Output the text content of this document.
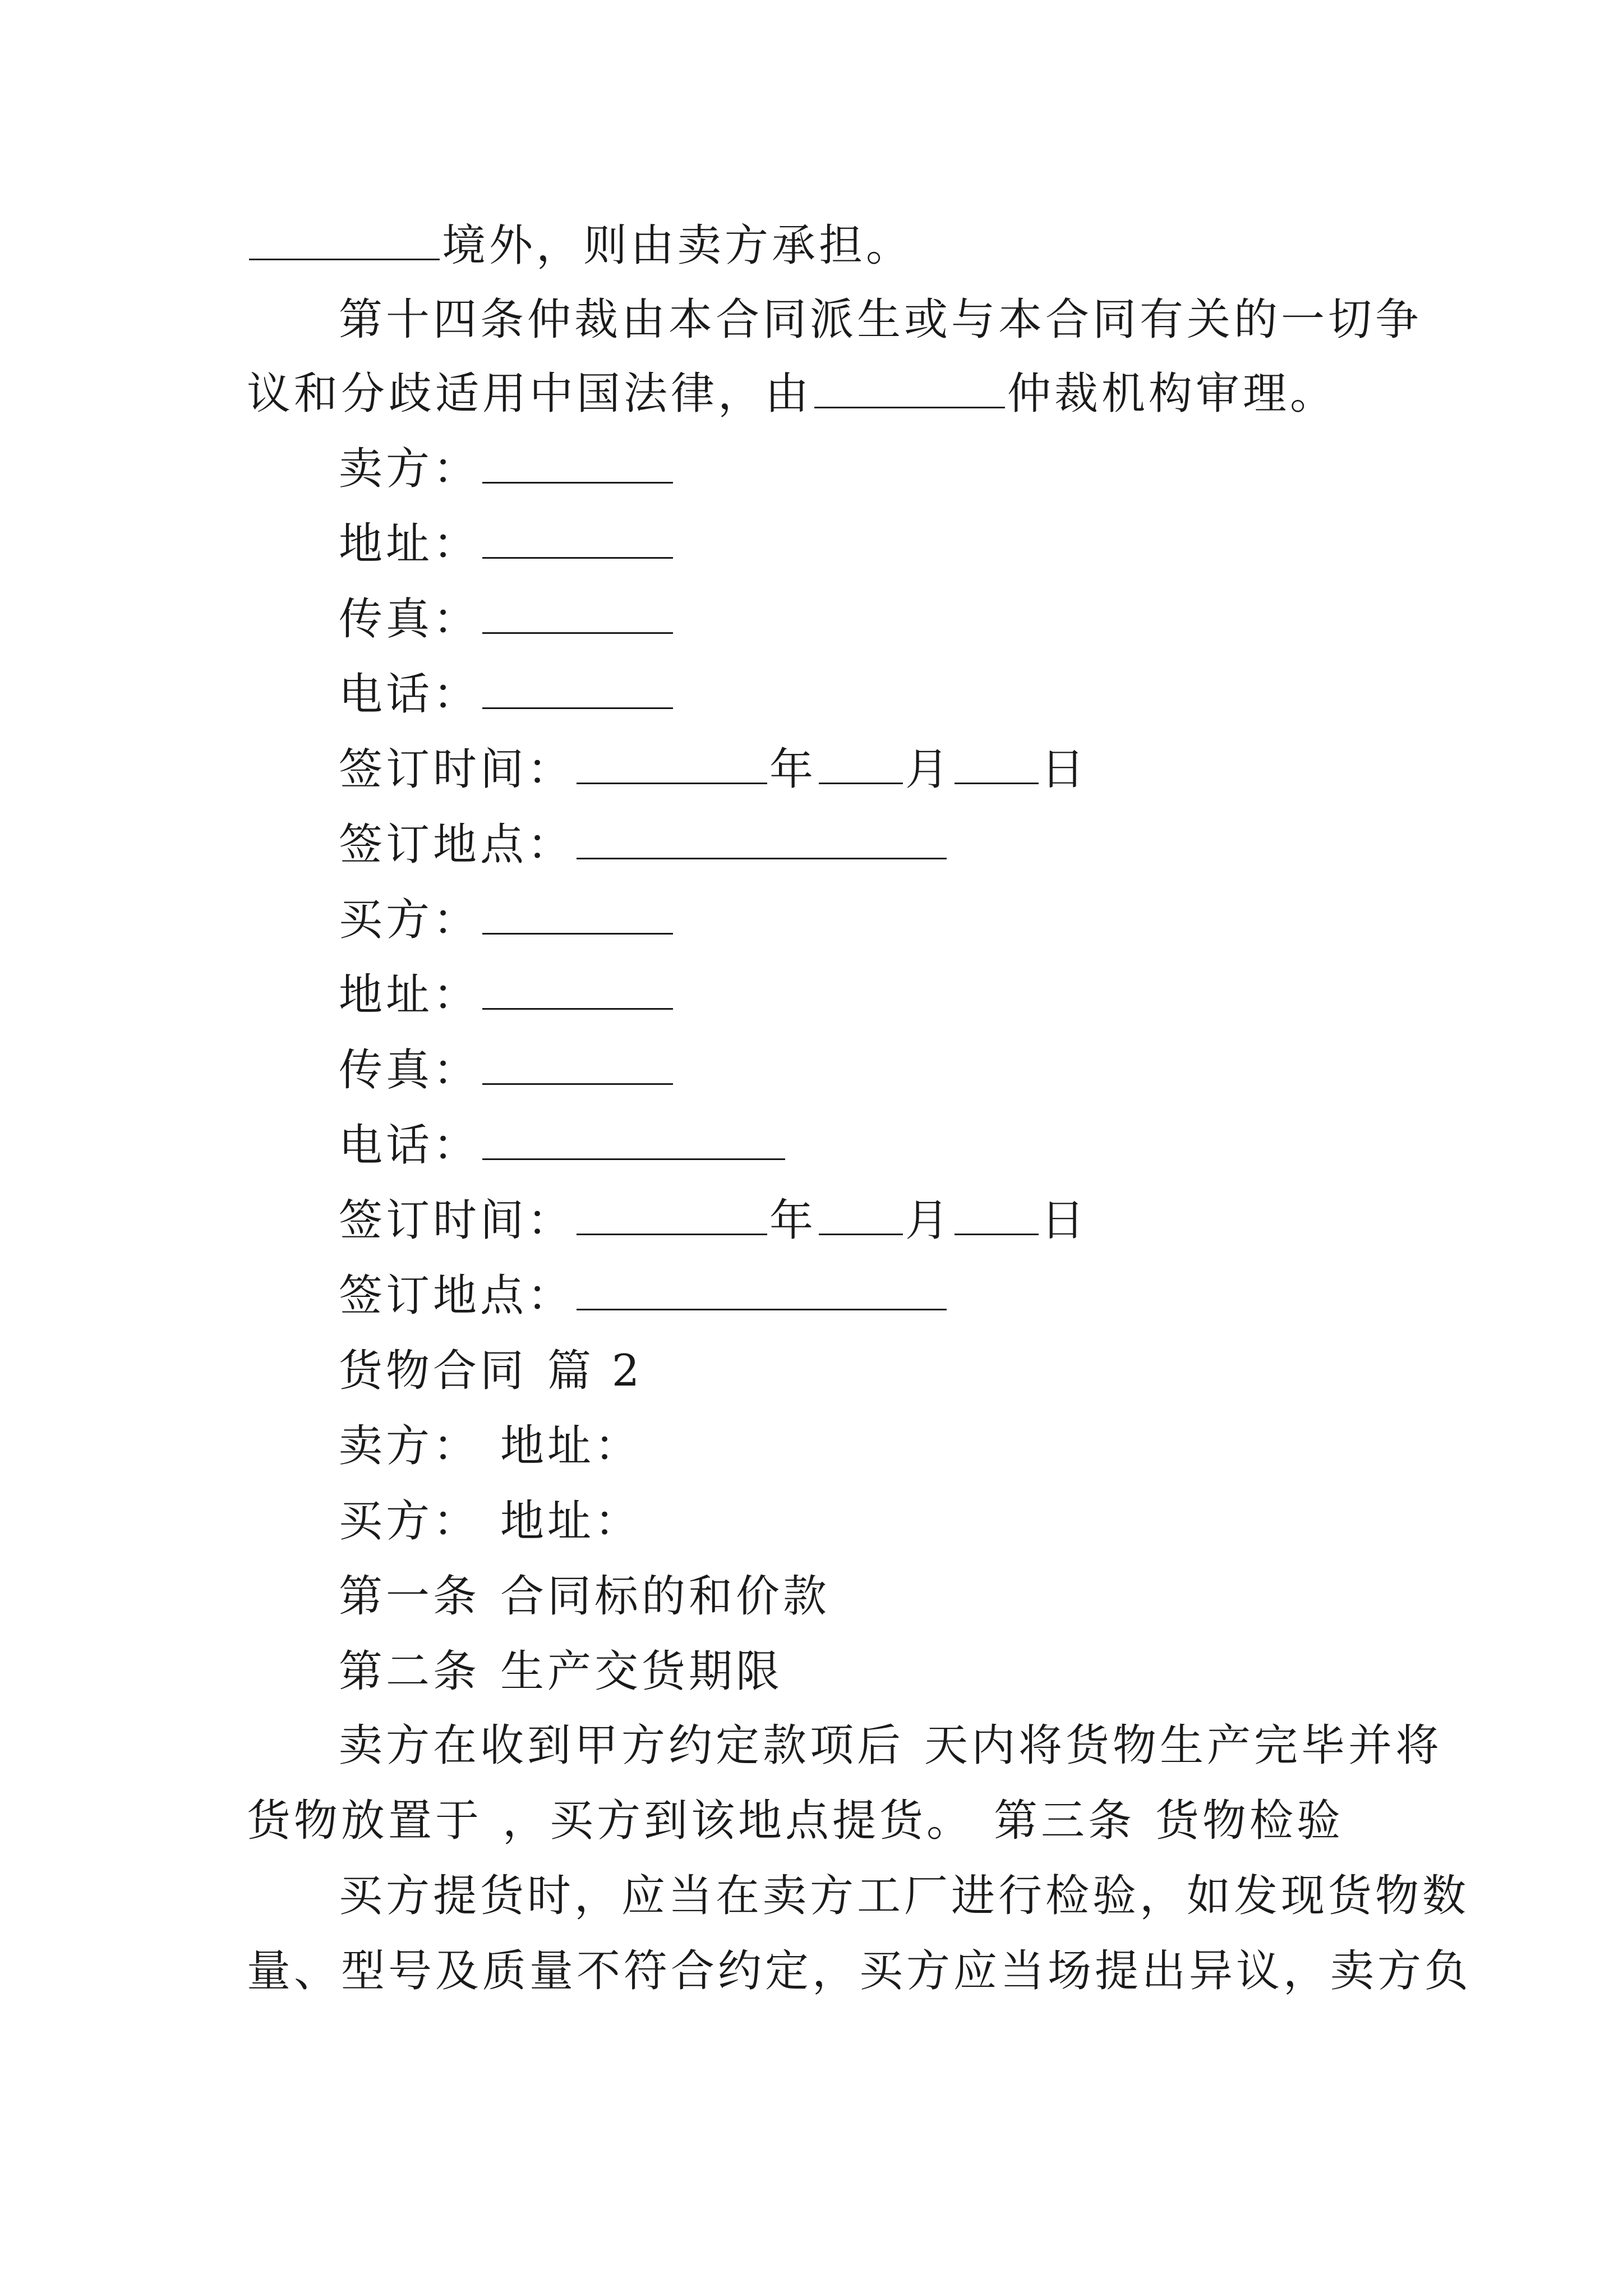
境外，则由卖方承担。
第十四条仲裁由本合同派生或与本合同有关的一切争
议和分歧适用中国法律，由	仲裁机构审理。
卖方：
地址：
传真：
电话：
签订时间：	年 月 日
签订地点：
买方：
地址：
传真：
电话：
签订时间：	年 月 日
签订地点：
货物合同 篇 2
卖方： 地址：
买方： 地址：
第一条 合同标的和价款
第二条 生产交货期限
卖方在收到甲方约定款项后 天内将货物生产完毕并将
货物放置于 ，买方到该地点提货。 第三条 货物检验
买方提货时，应当在卖方工厂进行检验，如发现货物数
量、型号及质量不符合约定，买方应当场提出异议，卖方负
